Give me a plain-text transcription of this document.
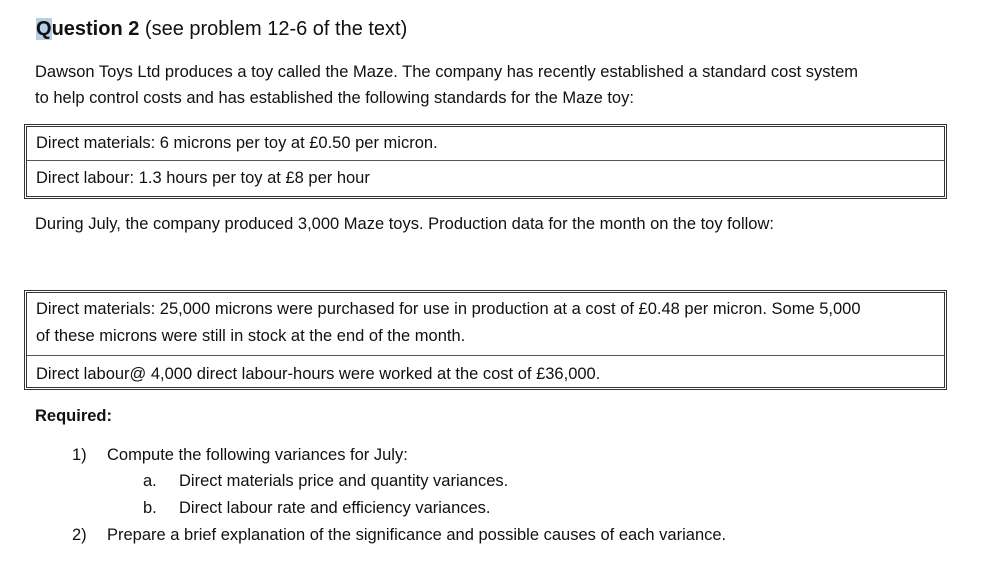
Question 2 (see problem 12-6 of the text)
Dawson Toys Ltd produces a toy called the Maze. The company has recently established a standard cost system
to help control costs and has established the following standards for the Maze toy:
Direct materials: 6 microns per toy at £0.50 per micron.
Direct labour: 1.3 hours per toy at £8 per hour
During July, the company produced 3,000 Maze toys. Production data for the month on the toy follow:
Direct materials: 25,000 microns were purchased for use in production at a cost of £0.48 per micron. Some 5,000
of these microns were still in stock at the end of the month.
Direct labour@ 4,000 direct labour-hours were worked at the cost of £36,000.
Required:
1) Compute the following variances for July:
a. Direct materials price and quantity variances.
b. Direct labour rate and efficiency variances.
2) Prepare a brief explanation of the significance and possible causes of each variance.
